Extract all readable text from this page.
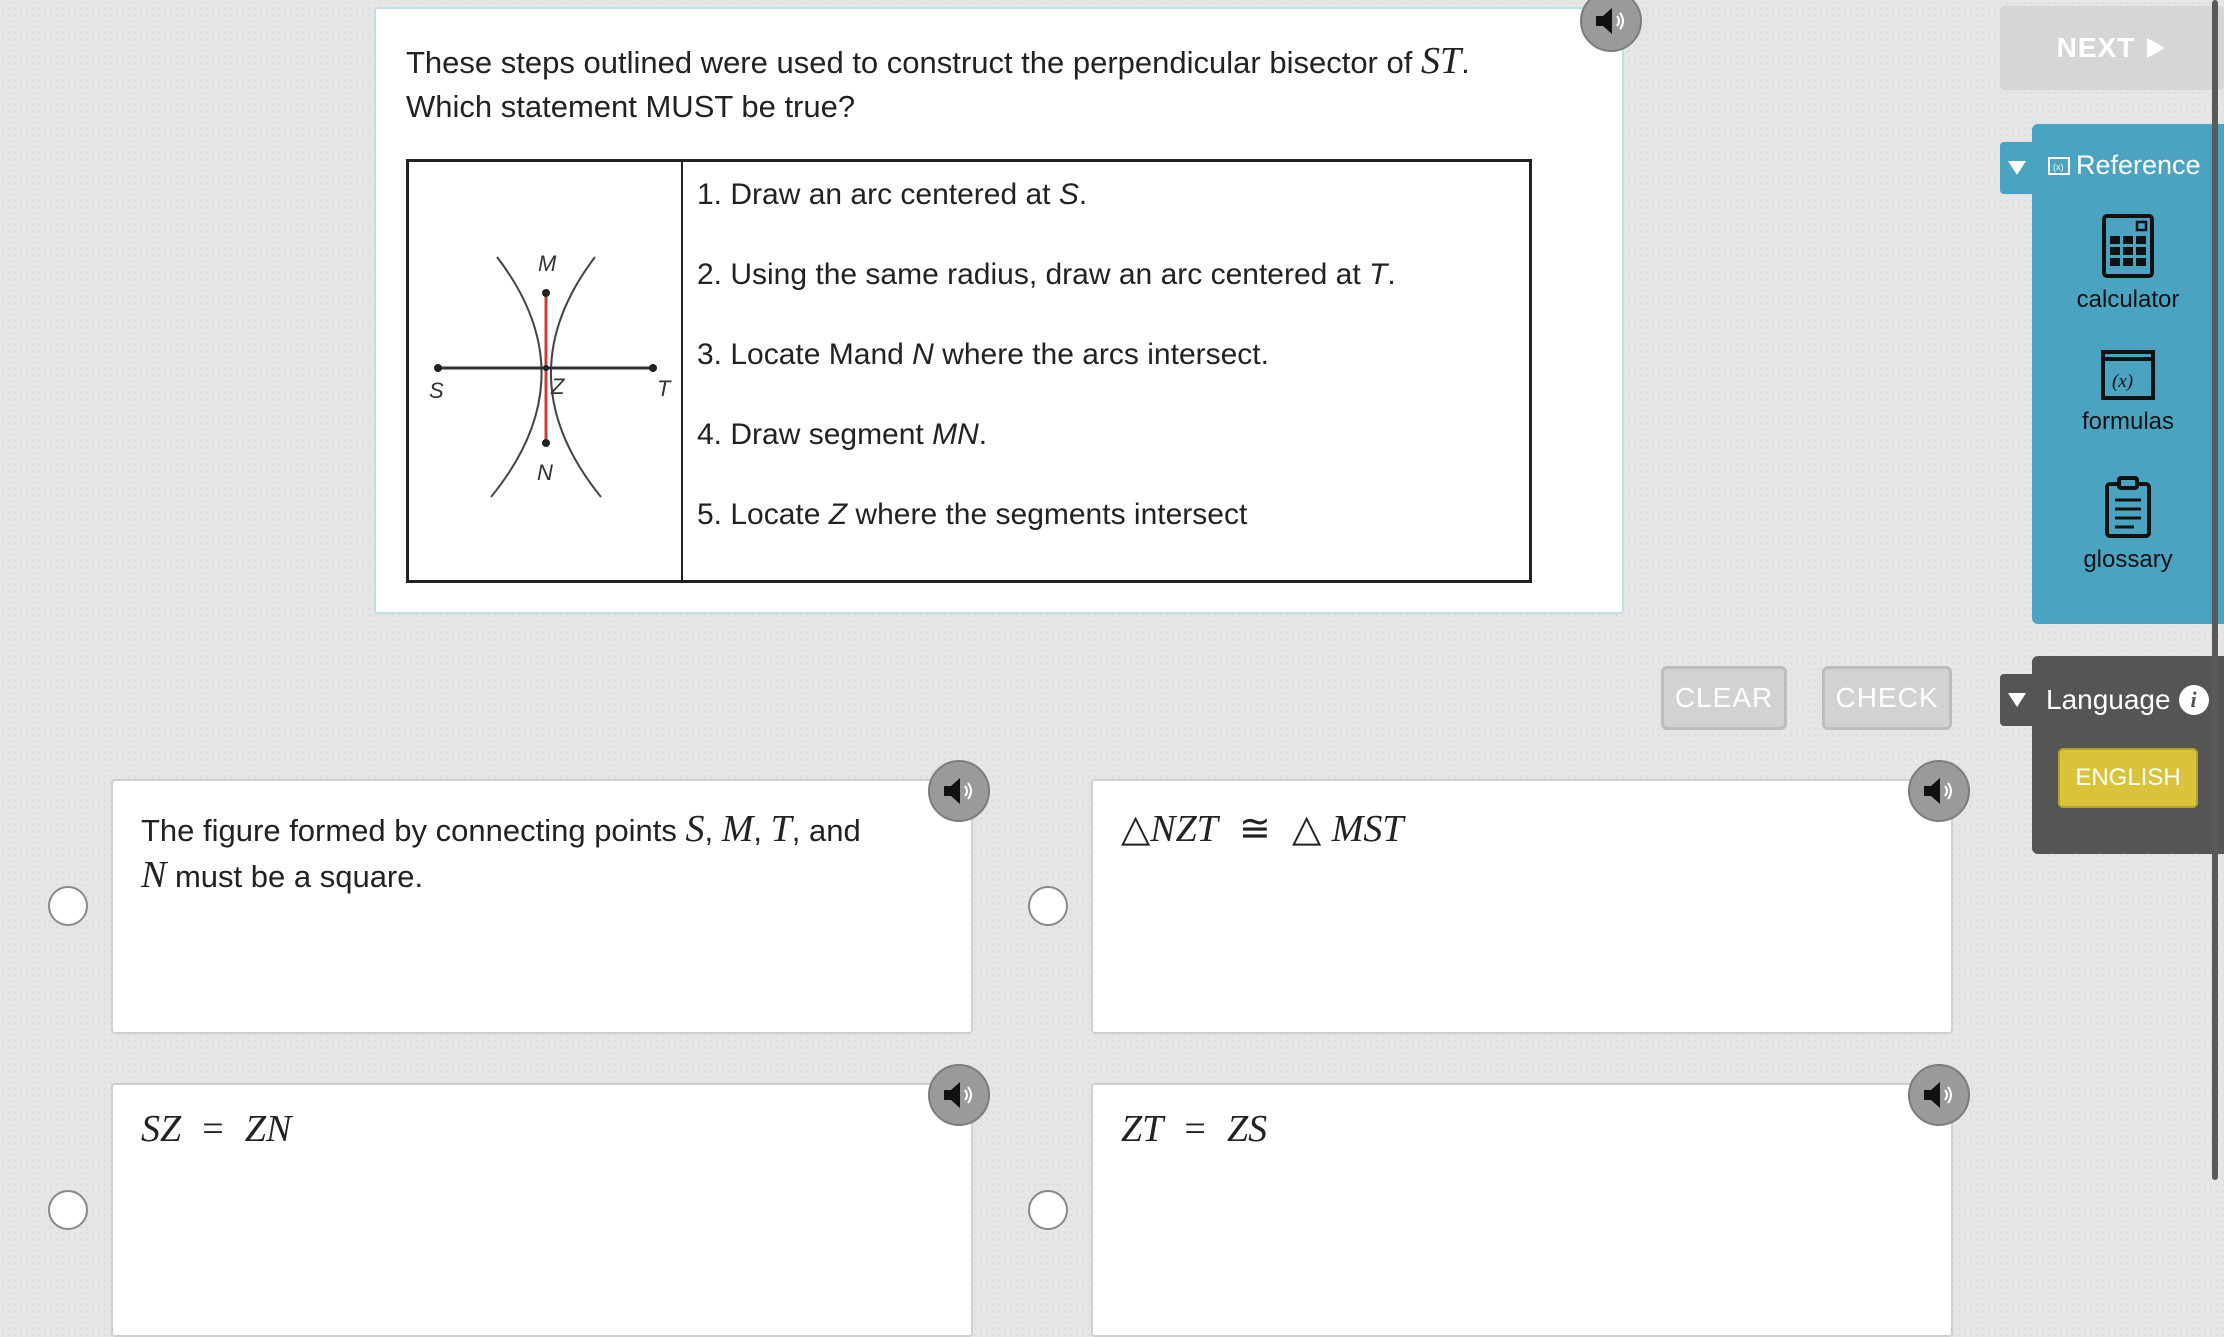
These steps outlined were used to construct the perpendicular bisector of ST.
Which statement MUST be true?
M
S	Z	T
N
1. Draw an arc centered at S.
2. Using the same radius, draw an arc centered at T.
3. Locate Mand N where the arcs intersect.
4. Draw segment MN.
5. Locate Z where the segments intersect
NEXT
(x) Reference
calculator
(x)
formulas
glossary
CLEAR CHECK	Language i
ENGLISH
The figure formed by connecting points S, M, T, and
N must be a square.
△NZT ≅ △ MST
SZ = ZN	ZT = ZS
